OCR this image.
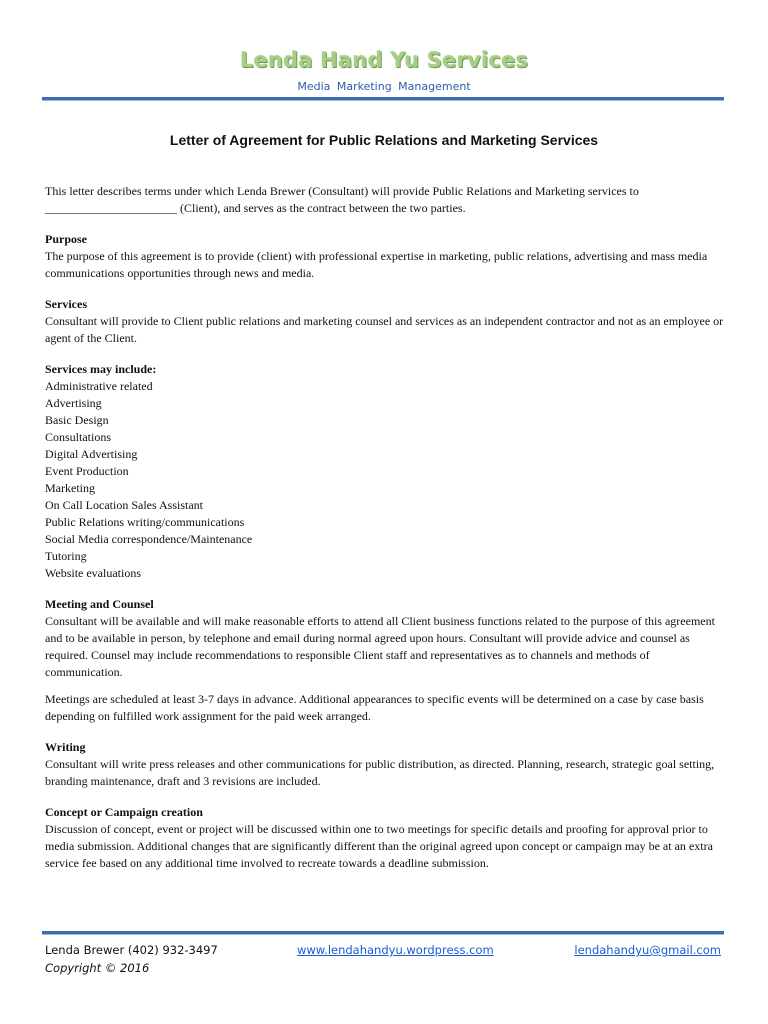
Lenda Hand Yu Services
Media Marketing Management
Letter of Agreement for Public Relations and Marketing Services

This letter describes terms under which Lenda Brewer (Consultant) will provide Public Relations and Marketing services to ______________________ (Client), and serves as the contract between the two parties.

Purpose

The purpose of this agreement is to provide (client) with professional expertise in marketing, public relations, advertising and mass media communications opportunities through news and media.

Services

Consultant will provide to Client public relations and marketing counsel and services as an independent contractor and not as an employee or agent of the Client.

Services may include:
Administrative related
Advertising
Basic Design
Consultations
Digital Advertising
Event Production
Marketing
On Call Location Sales Assistant
Public Relations writing/communications
Social Media correspondence/Maintenance
Tutoring
Website evaluations
Meeting and Counsel

Consultant will be available and will make reasonable efforts to attend all Client business functions related to the purpose of this agreement and to be available in person, by telephone and email during normal agreed upon hours. Consultant will provide advice and counsel as required. Counsel may include recommendations to responsible Client staff and representatives as to channels and methods of communication.

Meetings are scheduled at least 3-7 days in advance. Additional appearances to specific events will be determined on a case by case basis depending on fulfilled work assignment for the paid week arranged.

Writing

Consultant will write press releases and other communications for public distribution, as directed. Planning, research, strategic goal setting, branding maintenance, draft and 3 revisions are included.

Concept or Campaign creation

Discussion of concept, event or project will be discussed within one to two meetings for specific details and proofing for approval prior to media submission. Additional changes that are significantly different than the original agreed upon concept or campaign may be at an extra service fee based on any additional time involved to recreate towards a deadline submission.

Lenda Brewer (402) 932-3497	www.lendahandyu.wordpress.com	lendahandyu@gmail.com
Copyright © 2016
